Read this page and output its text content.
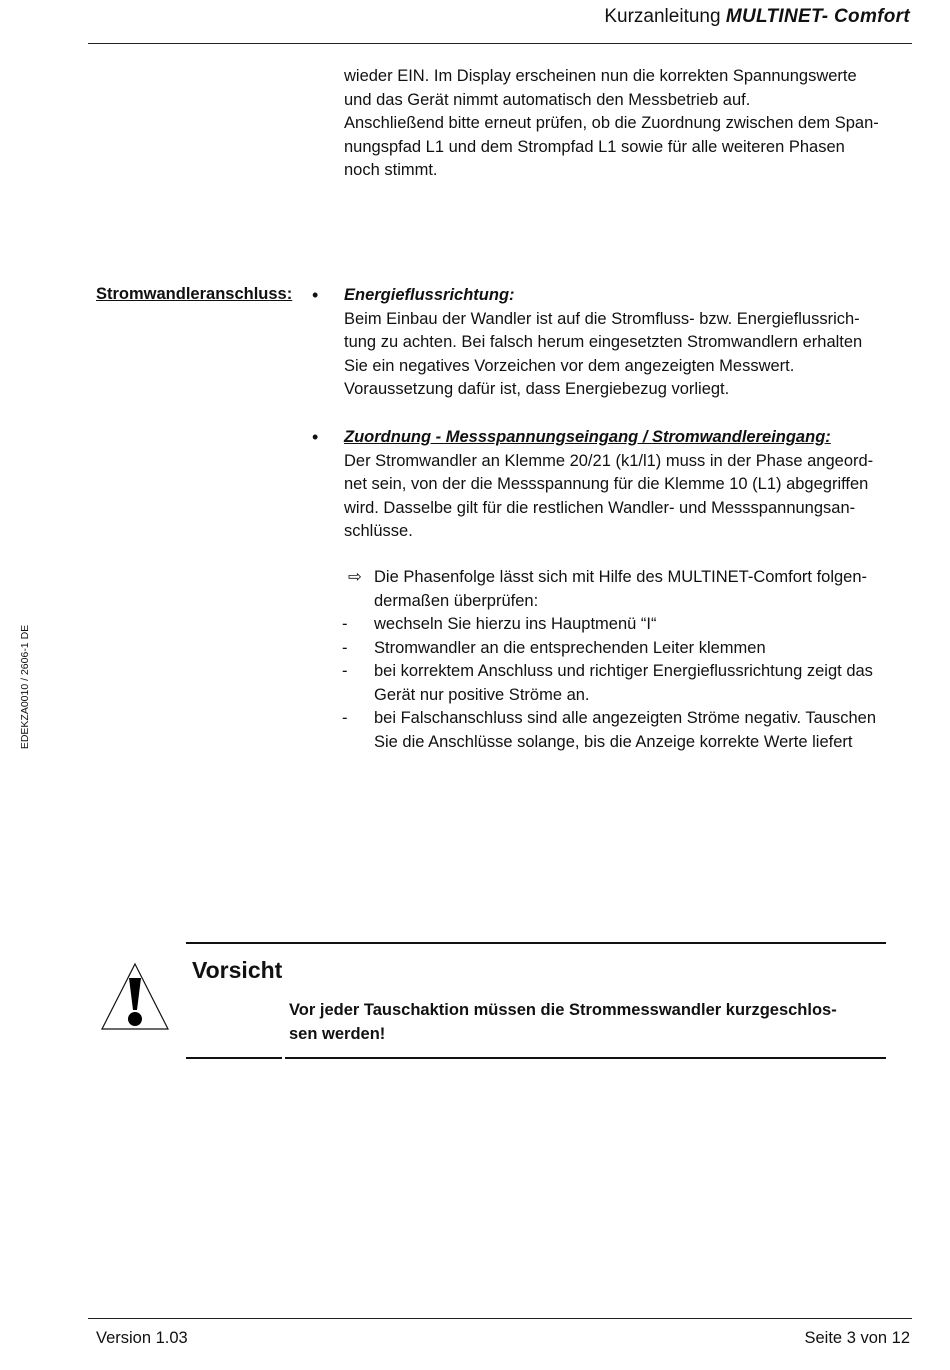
Kurzanleitung MULTINET- Comfort
EDEKZA0010 / 2606-1 DE

wieder EIN. Im Display erscheinen nun die korrekten Spannungswerte

und das Gerät nimmt automatisch den Messbetrieb auf.

Anschließend bitte erneut prüfen, ob die Zuordnung zwischen dem Span-

nungspfad L1 und dem Strompfad L1 sowie für alle weiteren Phasen

noch stimmt.

Stromwandleranschluss: • Energieflussrichtung:

Beim Einbau der Wandler ist auf die Stromfluss- bzw. Energieflussrich-

tung zu achten. Bei falsch herum eingesetzten Stromwandlern erhalten

Sie ein negatives Vorzeichen vor dem angezeigten Messwert.

Voraussetzung dafür ist, dass Energiebezug vorliegt.

• Zuordnung - Messspannungseingang / Stromwandlereingang:

Der Stromwandler an Klemme 20/21 (k1/l1) muss in der Phase angeord-

net sein, von der die Messspannung für die Klemme 10 (L1) abgegriffen

wird. Dasselbe gilt für die restlichen Wandler- und Messspannungsan-

schlüsse.

⇨ Die Phasenfolge lässt sich mit Hilfe des MULTINET-Comfort folgen-
dermaßen überprüfen:
-	wechseln Sie hierzu ins Hauptmenü “I“
-	Stromwandler an die entsprechenden Leiter klemmen
-	bei korrektem Anschluss und richtiger Energieflussrichtung zeigt das
Gerät nur positive Ströme an.
-	bei Falschanschluss sind alle angezeigten Ströme negativ. Tauschen
Sie die Anschlüsse solange, bis die Anzeige korrekte Werte liefert
Vorsicht
Vor jeder Tauschaktion müssen die Strommesswandler kurzgeschlos-
sen werden!
Version 1.03	Seite 3 von 12
